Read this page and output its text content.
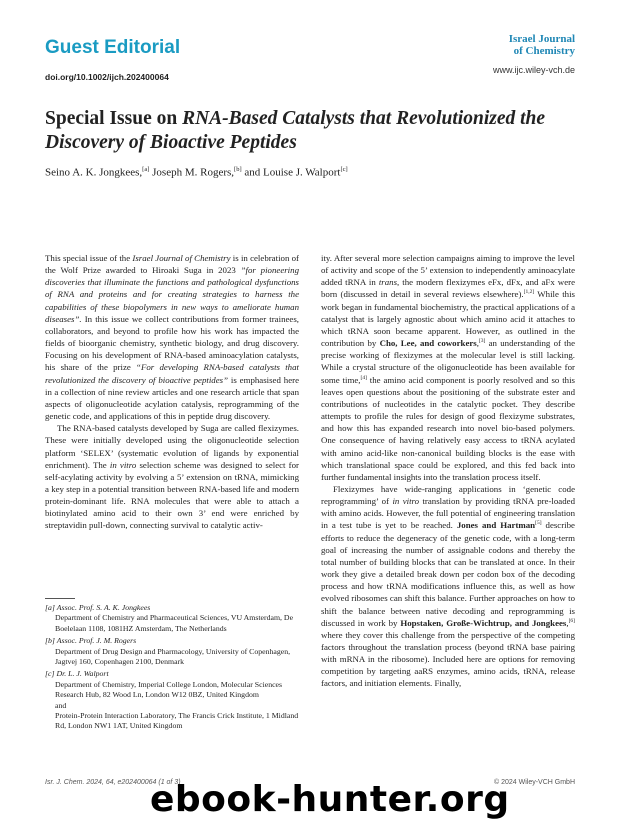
Guest Editorial
doi.org/10.1002/ijch.202400064
Israel Journal
of Chemistry
www.ijc.wiley-vch.de
Special Issue on RNA-Based Catalysts that Revolutionized the Discovery of Bioactive Peptides
Seino A. K. Jongkees,[a] Joseph M. Rogers,[b] and Louise J. Walport[c]

This special issue of the Israel Journal of Chemistry is in celebration of the Wolf Prize awarded to Hiroaki Suga in 2023 ”for pioneering discoveries that illuminate the functions and pathological dysfunctions of RNA and proteins and for creating strategies to harness the capabilities of these biopolymers in new ways to ameliorate human diseases”. In this issue we collect contributions from former trainees, collaborators, and beyond to profile how his work has impacted the fields of bioorganic chemistry, synthetic biology, and drug discovery. Focusing on his development of RNA-based aminoacylation catalysts, his share of the prize “For developing RNA-based catalysts that revolutionized the discovery of bioactive peptides” is emphasised here in a collection of nine review articles and one research article that span aspects of oligonucleotide acylation catalysis, reprogramming of the genetic code, and applications of this in peptide drug discovery.

The RNA-based catalysts developed by Suga are called flexizymes. These were initially developed using the oligonucleotide selection platform ‘SELEX’ (systematic evolution of ligands by exponential enrichment). The in vitro selection scheme was designed to select for self-acylating activity by evolving a 5’ extension on tRNA, mimicking a key step in a potential transition between RNA-based life and modern protein-dominant life. RNA molecules that were able to attach a biotinylated amino acid to their own 3’ end were enriched by streptavidin pull-down, connecting survival to catalytic activ-

ity. After several more selection campaigns aiming to improve the level of activity and scope of the 5’ extension to independently aminoacylate added tRNA in trans, the modern flexizymes eFx, dFx, and aFx were born (discussed in detail in several reviews elsewhere).[1,2] While this work began in fundamental biochemistry, the practical applications of a catalyst that is largely agnostic about which amino acid it attaches to which tRNA soon became apparent. However, as outlined in the contribution by Cho, Lee, and coworkers,[3] an understanding of the precise working of flexizymes at the molecular level is still lacking. While a crystal structure of the oligonucleotide has been available for some time,[4] the amino acid component is poorly resolved and so this leaves open questions about the positioning of the substrate ester and contributions of nucleotides in the catalytic pocket. They describe attempts to profile the rules for design of good flexizyme substrates, and how this has expanded research into novel bio-based polymers. One consequence of having relatively easy access to tRNA acylated with amino acid-like non-canonical building blocks is the ease with which translational space could be explored, and this fed back into further fundamental insights into the translation process itself.

Flexizymes have wide-ranging applications in ‘genetic code reprogramming’ of in vitro translation by providing tRNA pre-loaded with amino acids. However, the full potential of engineering translation in a test tube is yet to be reached. Jones and Hartman[5] describe efforts to reduce the degeneracy of the genetic code, with a long-term goal of increasing the number of assignable codons and thereby the total number of building blocks that can be translated at once. In their work they give a detailed break down per codon box of the decoding process and how tRNA modifications influence this, as well as how evolved ribosomes can shift this balance. Further approaches on how to shift the balance between native decoding and reprogramming is discussed in work by Hopstaken, Große-Wichtrup, and Jongkees,[6] where they cover this challenge from the perspective of the competing factors throughout the translation process (beyond tRNA base pairing with mRNA in the ribosome). Included here are options for removing competition by targeting aaRS enzymes, amino acids, tRNA, release factors, and initiation elements. Finally,

[a] Assoc. Prof. S. A. K. Jongkees
Department of Chemistry and Pharmaceutical Sciences, VU Amsterdam, De Boelelaan 1108, 1081HZ Amsterdam, The Netherlands
[b] Assoc. Prof. J. M. Rogers
Department of Drug Design and Pharmacology, University of Copenhagen, Jagtvej 160, Copenhagen 2100, Denmark
[c] Dr. L. J. Walport
Department of Chemistry, Imperial College London, Molecular Sciences Research Hub, 82 Wood Ln, London W12 0BZ, United Kingdom
and
Protein-Protein Interaction Laboratory, The Francis Crick Institute, 1 Midland Rd, London NW1 1AT, United Kingdom
Isr. J. Chem. 2024, 64, e202400064 (1 of 3)	© 2024 Wiley-VCH GmbH
ebook-hunter.org
